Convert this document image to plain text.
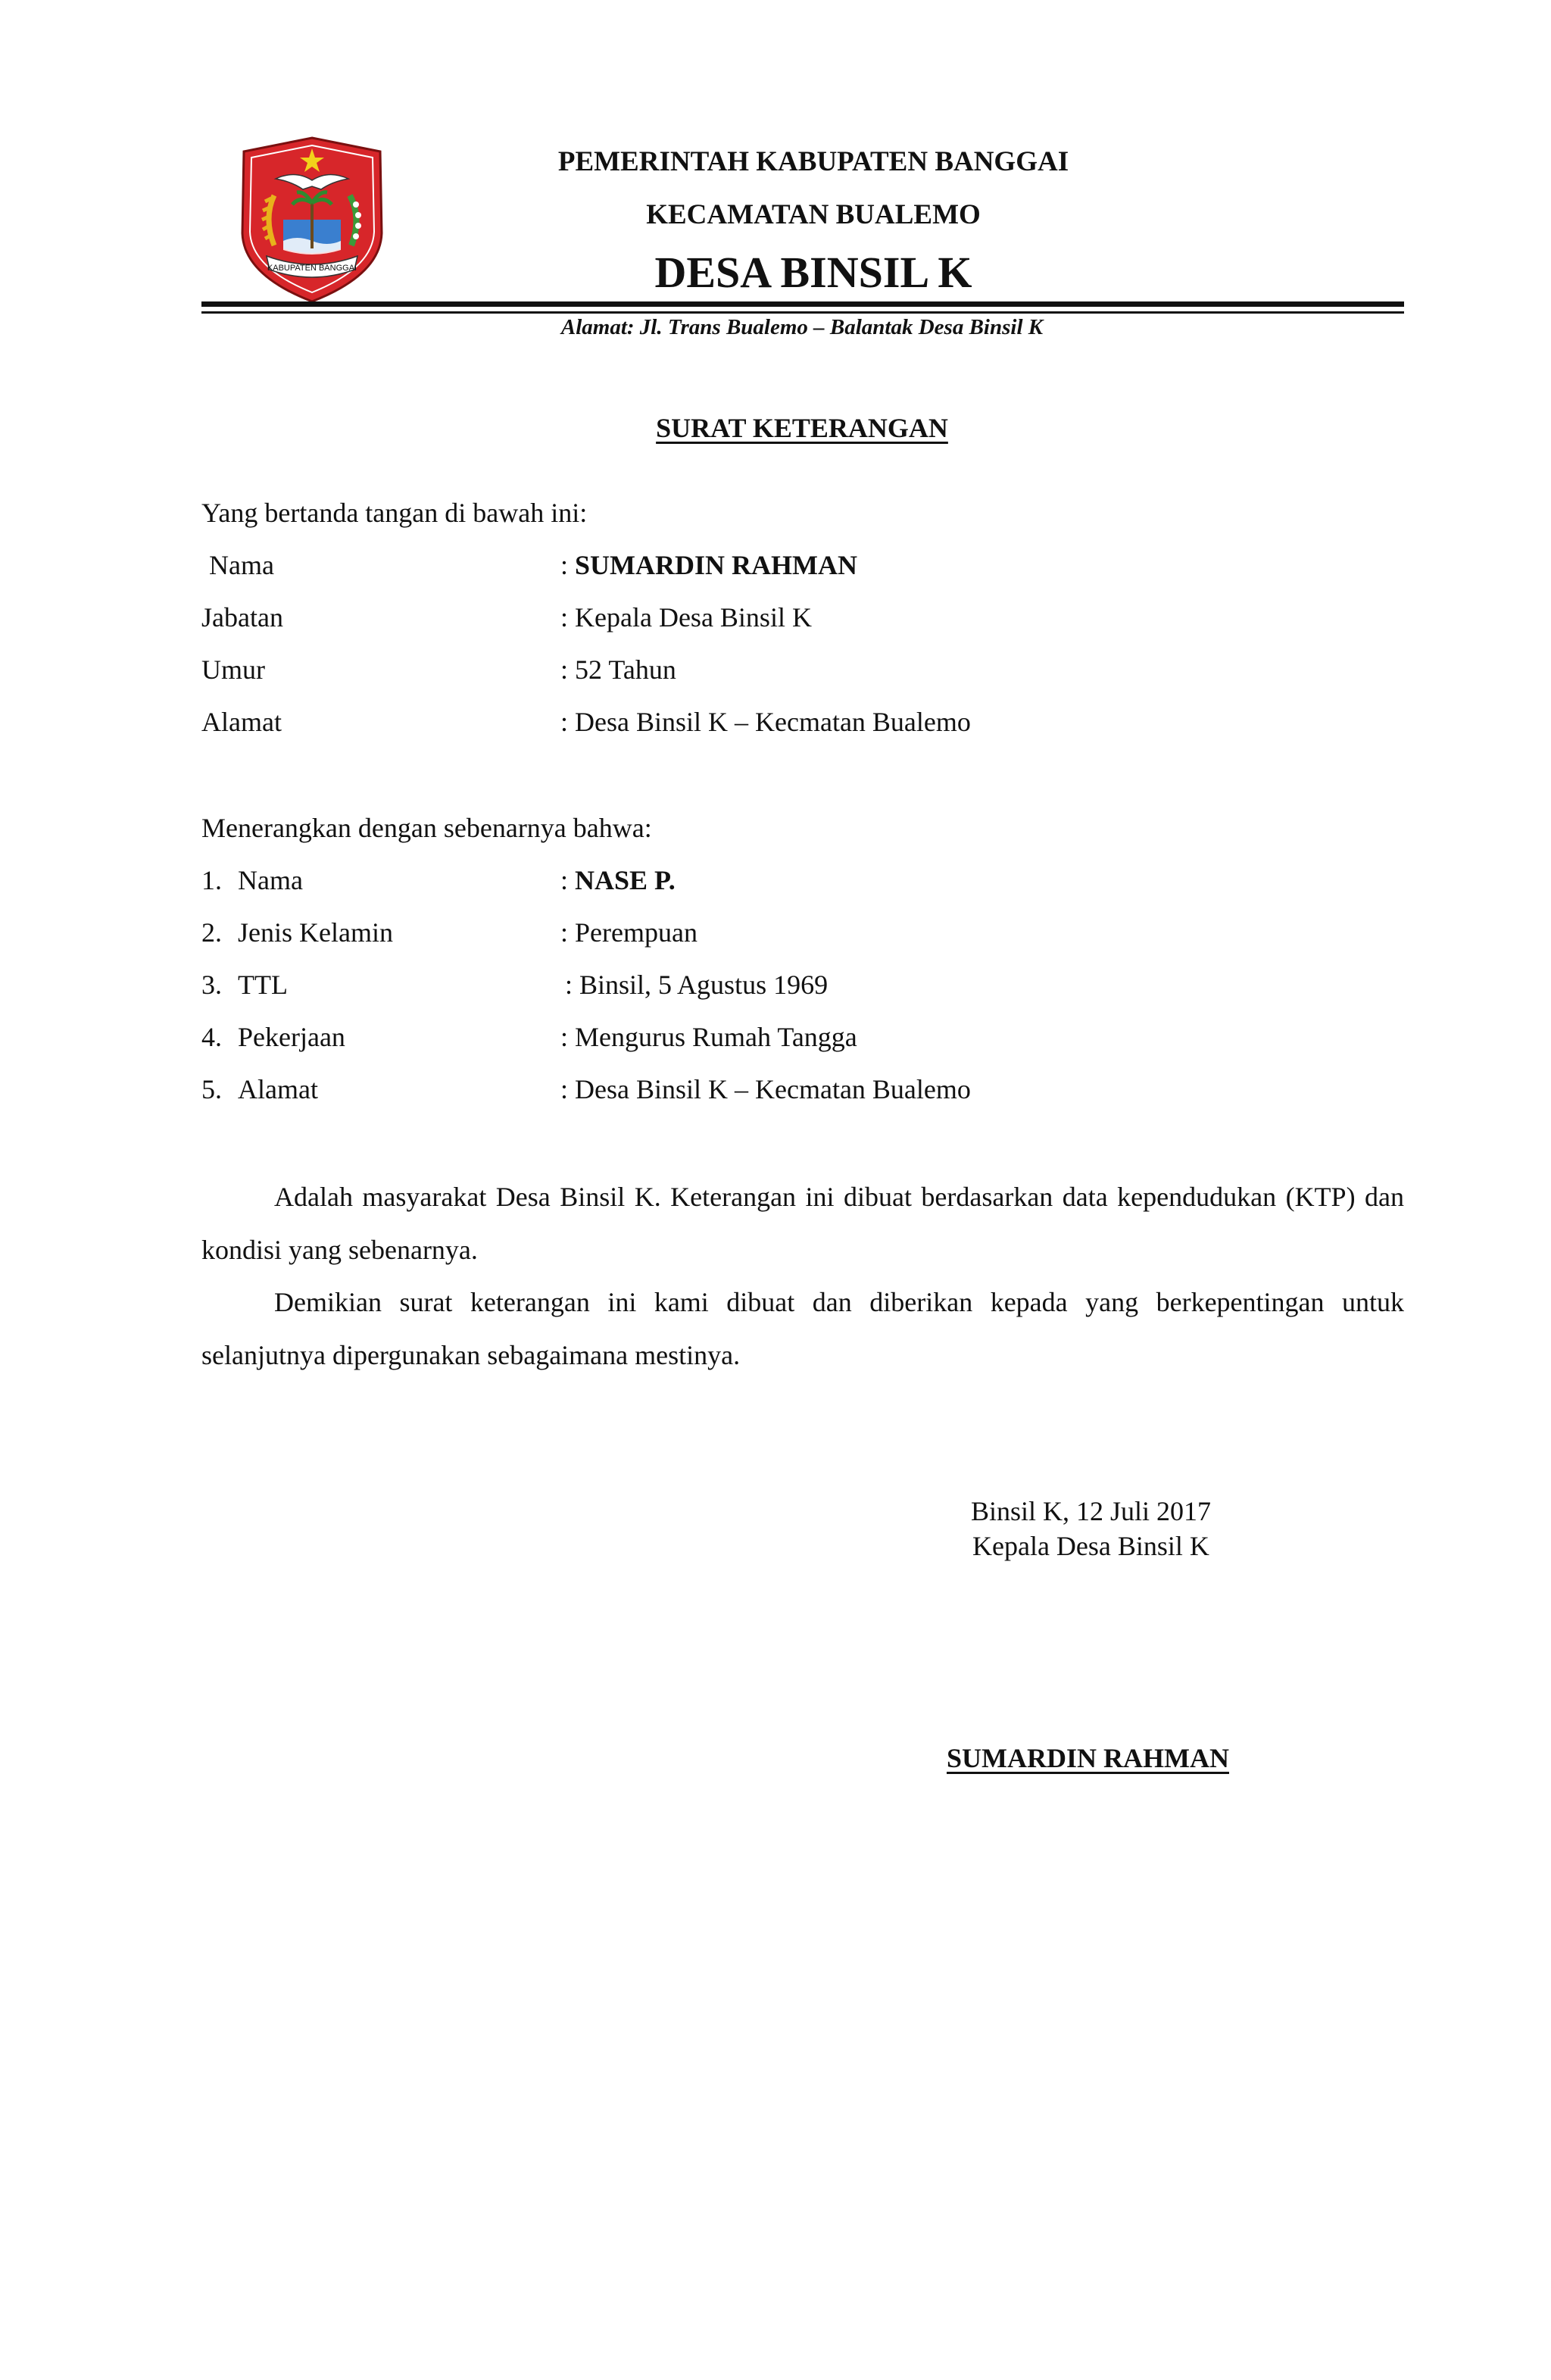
KABUPATEN BANGGAI
PEMERINTAH KABUPATEN BANGGAI
KECAMATAN BUALEMO
DESA BINSIL K
Alamat: Jl. Trans Bualemo – Balantak Desa Binsil K
SURAT KETERANGAN
Yang bertanda tangan di bawah ini:
Nama	: SUMARDIN RAHMAN
Jabatan	: Kepala Desa Binsil K
Umur	: 52 Tahun
Alamat	: Desa Binsil K – Kecmatan Bualemo
Menerangkan dengan sebenarnya bahwa:
1. Nama	: NASE P.
2. Jenis Kelamin	: Perempuan
3. TTL	: Binsil, 5 Agustus 1969
4. Pekerjaan	: Mengurus Rumah Tangga
5. Alamat	: Desa Binsil K – Kecmatan Bualemo
Adalah masyarakat Desa Binsil K. Keterangan ini dibuat berdasarkan data kependudukan (KTP) dan kondisi yang sebenarnya.
Demikian surat keterangan ini kami dibuat dan diberikan kepada yang berkepentingan untuk selanjutnya dipergunakan sebagaimana mestinya.
Binsil K, 12 Juli 2017
Kepala Desa Binsil K
SUMARDIN RAHMAN
